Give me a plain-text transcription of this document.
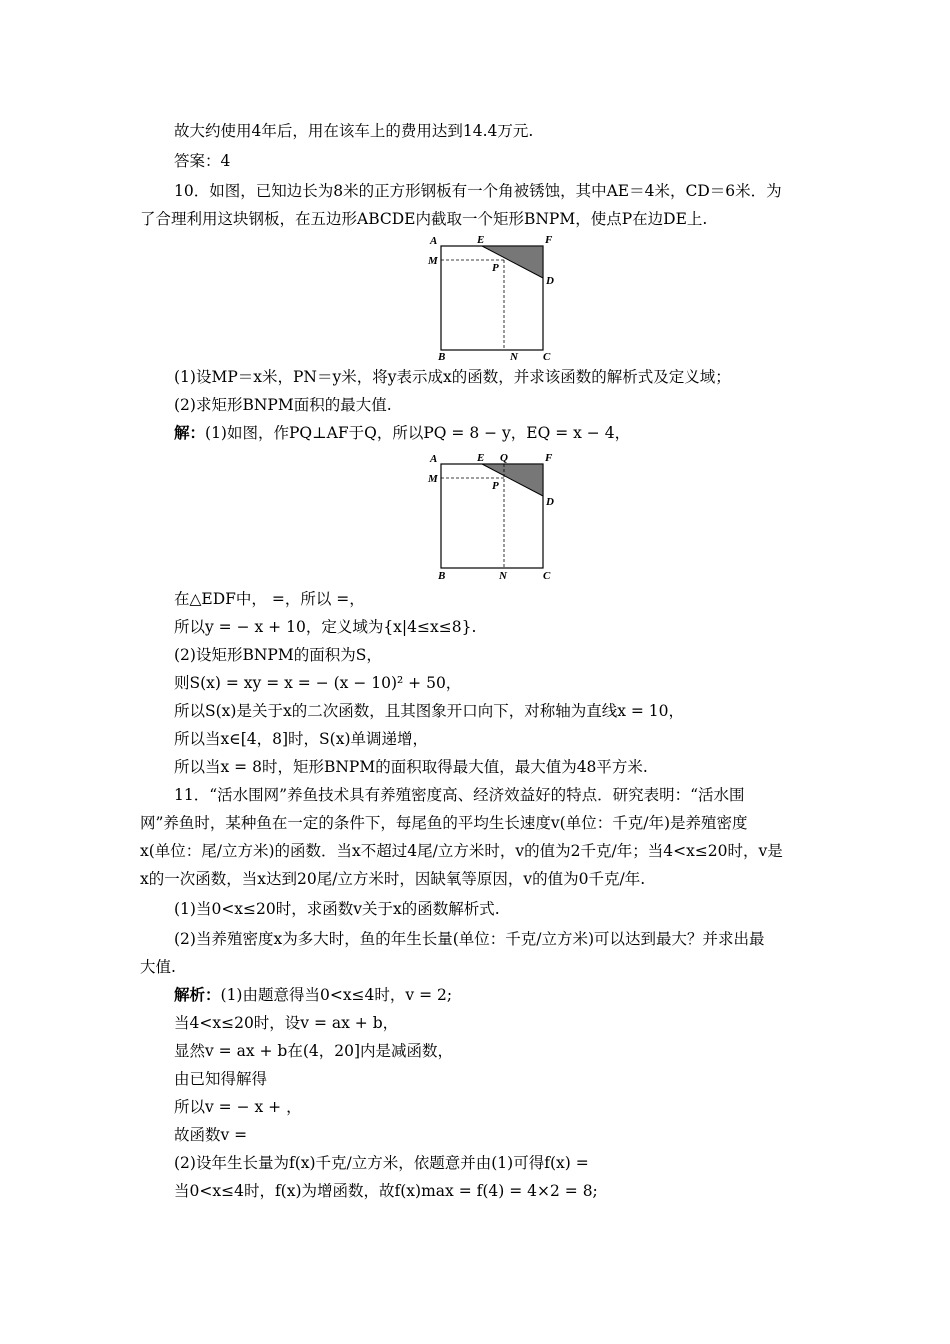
故大约使用4年后，用在该车上的费用达到14.4万元.
答案：4
10．如图，已知边长为8米的正方形钢板有一个角被锈蚀，其中AE＝4米，CD＝6米．为
了合理利用这块钢板，在五边形ABCDE内截取一个矩形BNPM，使点P在边DE上.
A	E	F
M
P
D
B	N C
(1)设MP＝x米，PN＝y米，将y表示成x的函数，并求该函数的解析式及定义域；
(2)求矩形BNPM面积的最大值.
解：(1)如图，作PQ⊥AF于Q，所以PQ = 8 − y，EQ = x − 4，
A	E Q	F
M
P
D
B	N	C
在△EDF中， =，所以 =，
所以y = − x + 10，定义域为{x|4≤x≤8}.
(2)设矩形BNPM的面积为S，
则S(x) = xy = x = − (x − 10)² + 50，
所以S(x)是关于x的二次函数，且其图象开口向下，对称轴为直线x = 10，
所以当x∈[4，8]时，S(x)单调递增，
所以当x = 8时，矩形BNPM的面积取得最大值，最大值为48平方米.
11．“活水围网”养鱼技术具有养殖密度高、经济效益好的特点．研究表明：“活水围
网”养鱼时，某种鱼在一定的条件下，每尾鱼的平均生长速度v(单位：千克/年)是养殖密度
x(单位：尾/立方米)的函数．当x不超过4尾/立方米时，v的值为2千克/年；当4<x≤20时，v是
x的一次函数，当x达到20尾/立方米时，因缺氧等原因，v的值为0千克/年.
(1)当0<x≤20时，求函数v关于x的函数解析式.
(2)当养殖密度x为多大时，鱼的年生长量(单位：千克/立方米)可以达到最大？并求出最
大值.
解析：(1)由题意得当0<x≤4时，v = 2;
当4<x≤20时，设v = ax + b，
显然v = ax + b在(4，20]内是减函数，
由已知得解得
所以v = − x + ，
故函数v =
(2)设年生长量为f(x)千克/立方米，依题意并由(1)可得f(x) =
当0<x≤4时，f(x)为增函数，故f(x)max = f(4) = 4×2 = 8;
